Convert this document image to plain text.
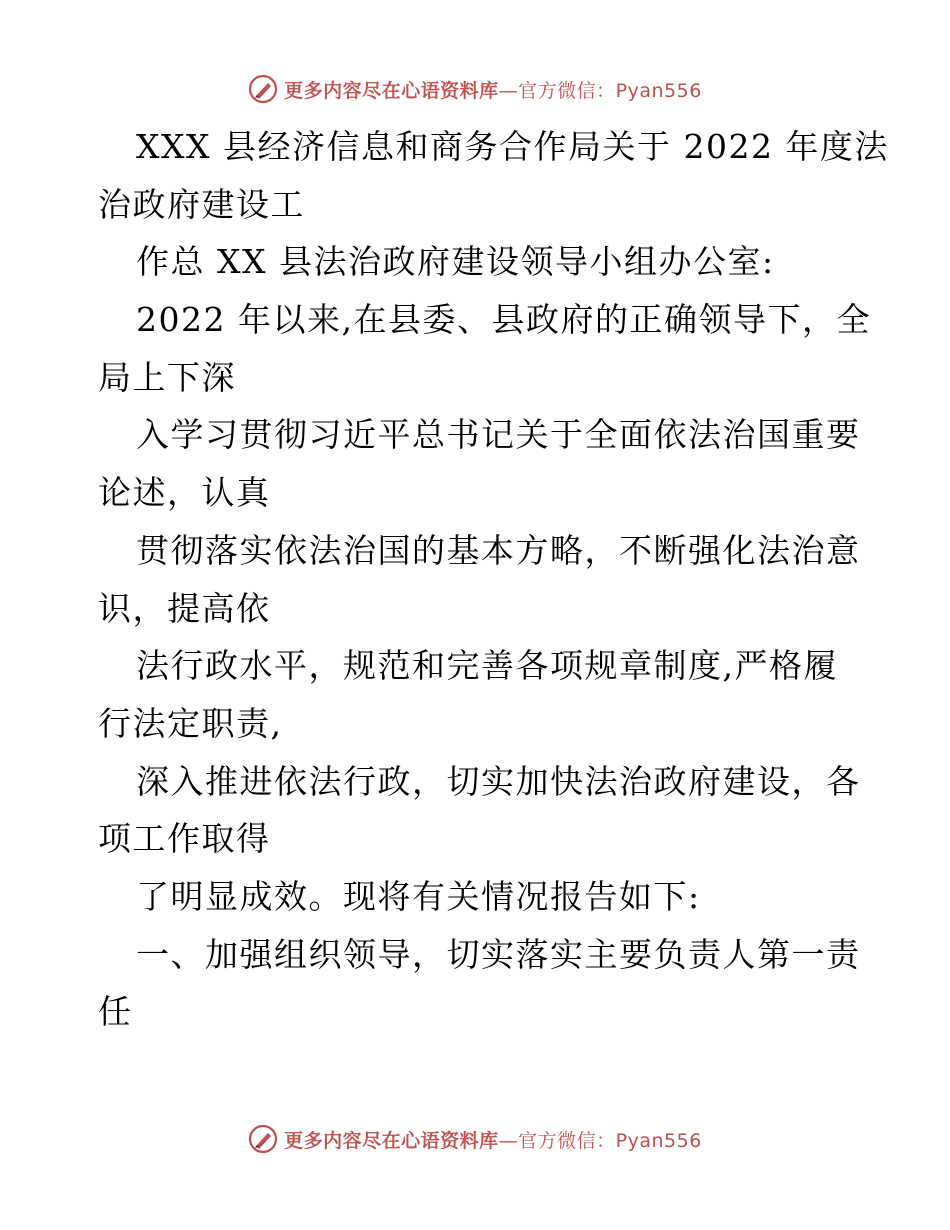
更多内容尽在心语资料库—官方微信：Pyan556
XXX 县经济信息和商务合作局关于 2022 年度法
治政府建设工
作总 XX 县法治政府建设领导小组办公室:
2022 年以来,在县委、县政府的正确领导下，全
局上下深
入学习贯彻习近平总书记关于全面依法治国重要
论述，认真
贯彻落实依法治国的基本方略，不断强化法治意
识，提高依
法行政水平，规范和完善各项规章制度,严格履
行法定职责,
深入推进依法行政，切实加快法治政府建设，各
项工作取得
了明显成效。现将有关情况报告如下:
一、加强组织领导，切实落实主要负责人第一责
任
更多内容尽在心语资料库—官方微信：Pyan556
